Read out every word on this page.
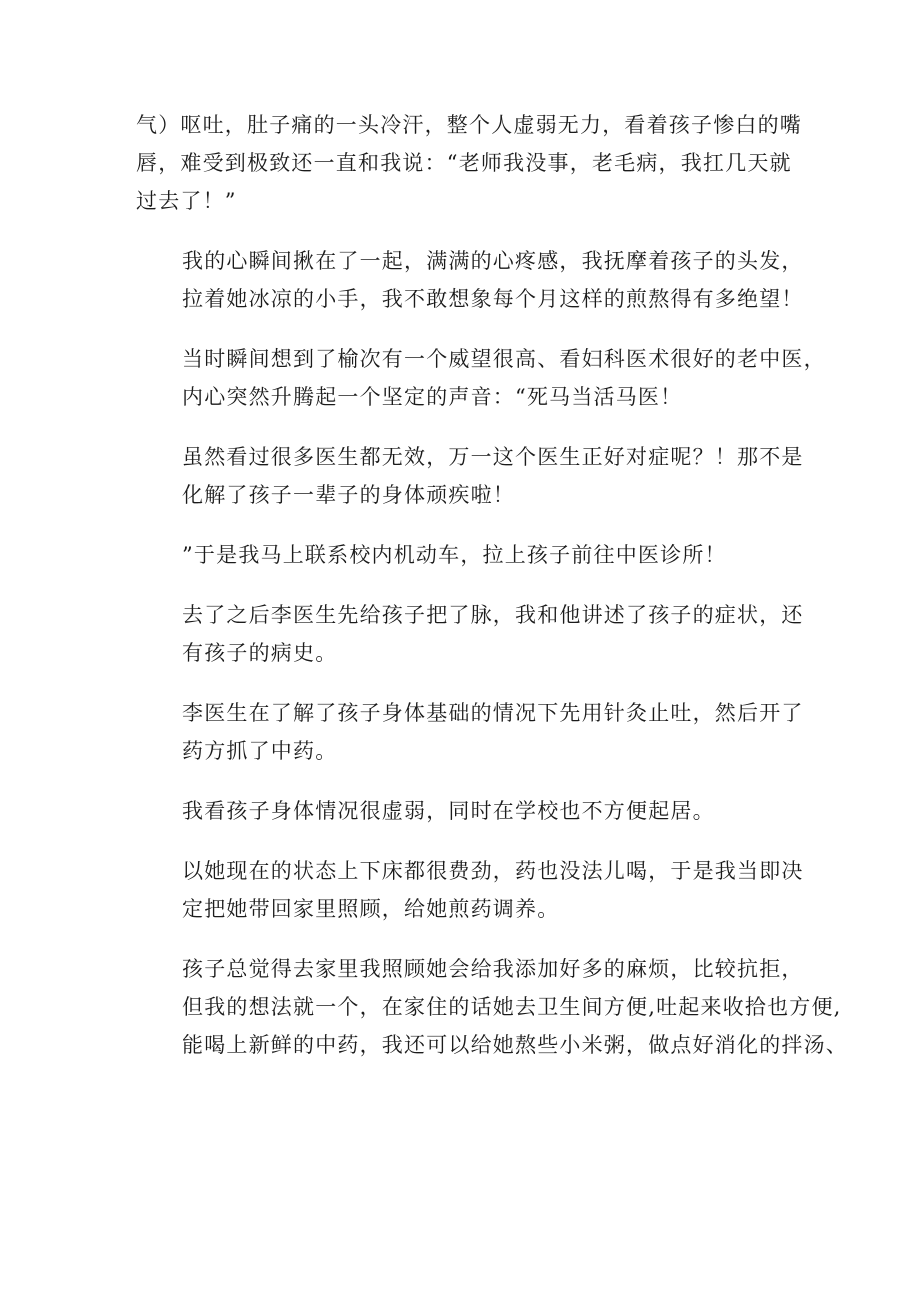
气）呕吐，肚子痛的一头冷汗，整个人虚弱无力，看着孩子惨白的嘴
唇，难受到极致还一直和我说：“老师我没事，老毛病，我扛几天就
过去了！”

我的心瞬间揪在了一起，满满的心疼感，我抚摩着孩子的头发，
拉着她冰凉的小手，我不敢想象每个月这样的煎熬得有多绝望！

当时瞬间想到了榆次有一个威望很高、看妇科医术很好的老中医，
内心突然升腾起一个坚定的声音：“死马当活马医！

虽然看过很多医生都无效，万一这个医生正好对症呢？！那不是
化解了孩子一辈子的身体顽疾啦！

”于是我马上联系校内机动车，拉上孩子前往中医诊所！

去了之后李医生先给孩子把了脉，我和他讲述了孩子的症状，还
有孩子的病史。

李医生在了解了孩子身体基础的情况下先用针灸止吐，然后开了
药方抓了中药。

我看孩子身体情况很虚弱，同时在学校也不方便起居。

以她现在的状态上下床都很费劲，药也没法儿喝，于是我当即决
定把她带回家里照顾，给她煎药调养。

孩子总觉得去家里我照顾她会给我添加好多的麻烦，比较抗拒，
但我的想法就一个，在家住的话她去卫生间方便,吐起来收拾也方便,
能喝上新鲜的中药，我还可以给她熬些小米粥，做点好消化的拌汤、
